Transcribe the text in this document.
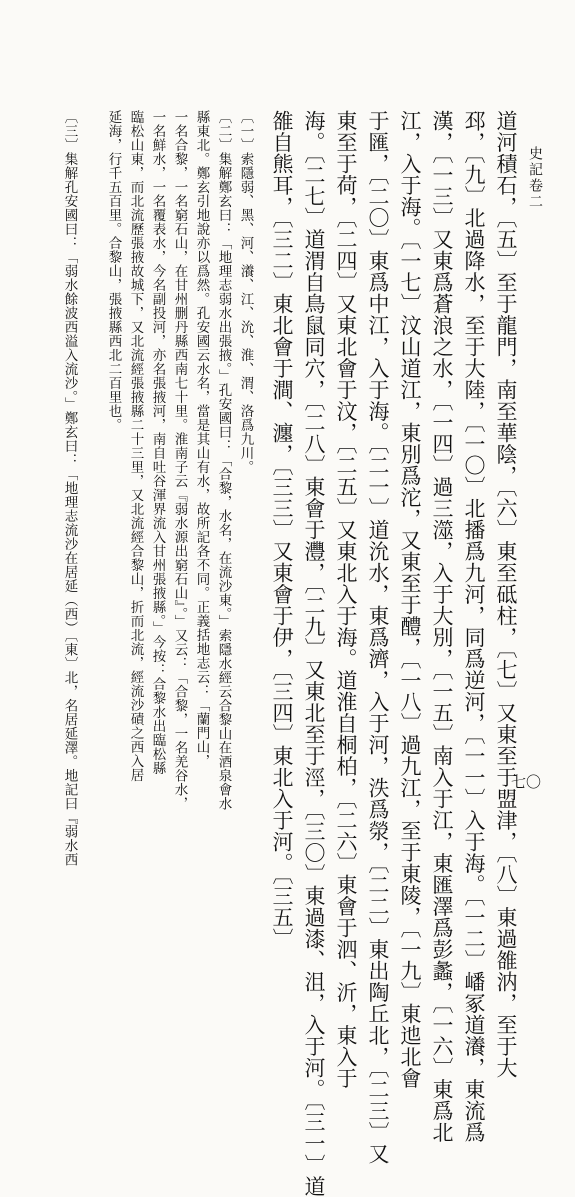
史記卷二
七〇
道河積石，〔五〕至于龍門，南至華陰，〔六〕東至砥柱，〔七〕又東至于盟津，〔八〕東過雒汭，至于大
邳，〔九〕北過降水，至于大陸，〔一〇〕北播爲九河，同爲逆河，〔一一〕入于海。〔一二〕嶓冢道瀁，東流爲
漢，〔一三〕又東爲蒼浪之水，〔一四〕過三澨，入于大別，〔一五〕南入于江，東匯澤爲彭蠡，〔一六〕東爲北
江，入于海。〔一七〕汶山道江，東別爲沱，又東至于醴，〔一八〕過九江，至于東陵，〔一九〕東迆北會
于匯，〔二〇〕東爲中江，入于海。〔二一〕道沇水，東爲濟，入于河，泆爲滎，〔二二〕東出陶丘北，〔二三〕又
東至于荷，〔二四〕又東北會于汶，〔二五〕又東北入于海。道淮自桐柏，〔二六〕東會于泗、沂，東入于
海。〔二七〕道渭自鳥鼠同穴，〔二八〕東會于灃，〔二九〕又東北至于涇，〔三〇〕東過漆、沮，入于河。〔三一〕道
雒自熊耳，〔三二〕東北會于澗、瀍，〔三三〕又東會于伊，〔三四〕東北入于河。〔三五〕
〔一〕索隱弱、黑、河、瀁、江、沇、淮、渭、洛爲九川。
〔二〕集解鄭玄曰：「地理志弱水出張掖。」孔安國曰：「合黎，水名，在流沙東。」索隱水經云合黎山在酒泉會水
縣東北。鄭玄引地說亦以爲然。孔安國云水名，當是其山有水，故所記各不同。正義括地志云：「蘭門山，
一名合黎，一名窮石山，在甘州删丹縣西南七十里。淮南子云『弱水源出窮石山』。」又云：「合黎，一名羌谷水，
一名鮮水，一名覆表水，今名副投河，亦名張掖河，南自吐谷渾界流入甘州張掖縣。」今按：合黎水出臨松縣
臨松山東，而北流歷張掖故城下，又北流經張掖縣二十三里，又北流經合黎山，折而北流，經流沙磧之西入居
延海，行千五百里。合黎山，張掖縣西北二百里也。
〔三〕集解孔安國曰：「弱水餘波西溢入流沙。」鄭玄曰：「地理志流沙在居延（西）〔東〕北，名居延澤。地記曰『弱水西
